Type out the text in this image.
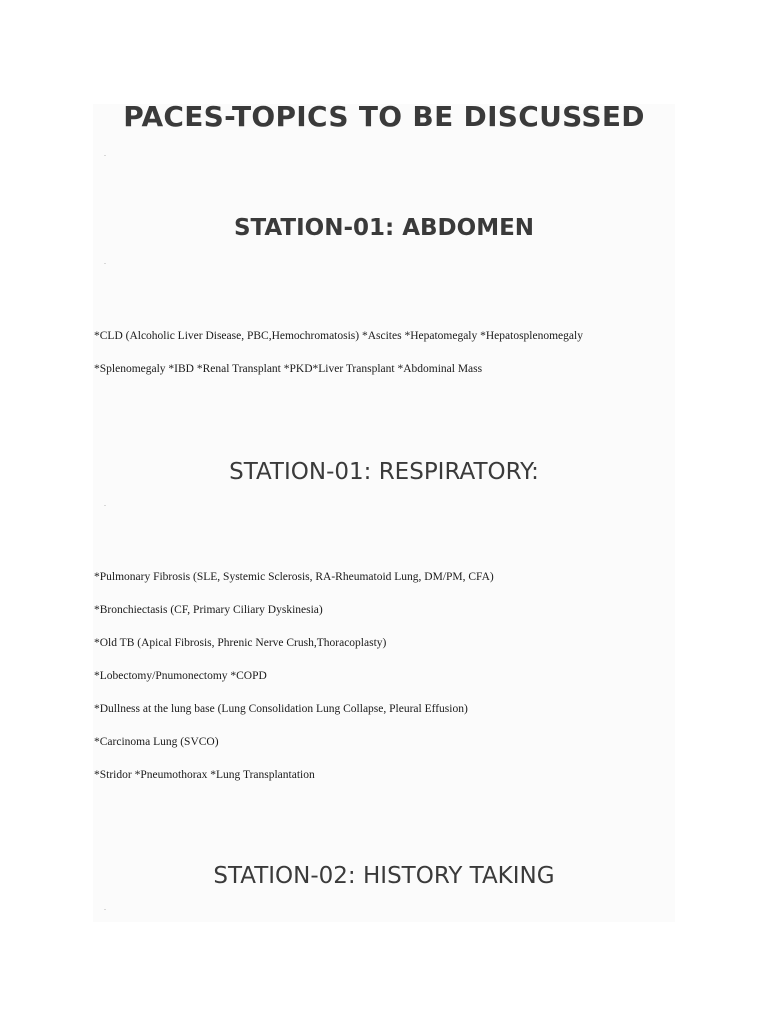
PACES-TOPICS TO BE DISCUSSED
STATION-01: ABDOMEN
*CLD (Alcoholic Liver Disease, PBC,Hemochromatosis) *Ascites *Hepatomegaly *Hepatosplenomegaly
*Splenomegaly *IBD *Renal Transplant *PKD*Liver Transplant *Abdominal Mass
STATION-01: RESPIRATORY:
*Pulmonary Fibrosis (SLE, Systemic Sclerosis, RA-Rheumatoid Lung, DM/PM, CFA)
*Bronchiectasis (CF, Primary Ciliary Dyskinesia)
*Old TB (Apical Fibrosis, Phrenic Nerve Crush,Thoracoplasty)
*Lobectomy/Pnumonectomy *COPD
*Dullness at the lung base (Lung Consolidation Lung Collapse, Pleural Effusion)
*Carcinoma Lung (SVCO)
*Stridor *Pneumothorax *Lung Transplantation
STATION-02: HISTORY TAKING
